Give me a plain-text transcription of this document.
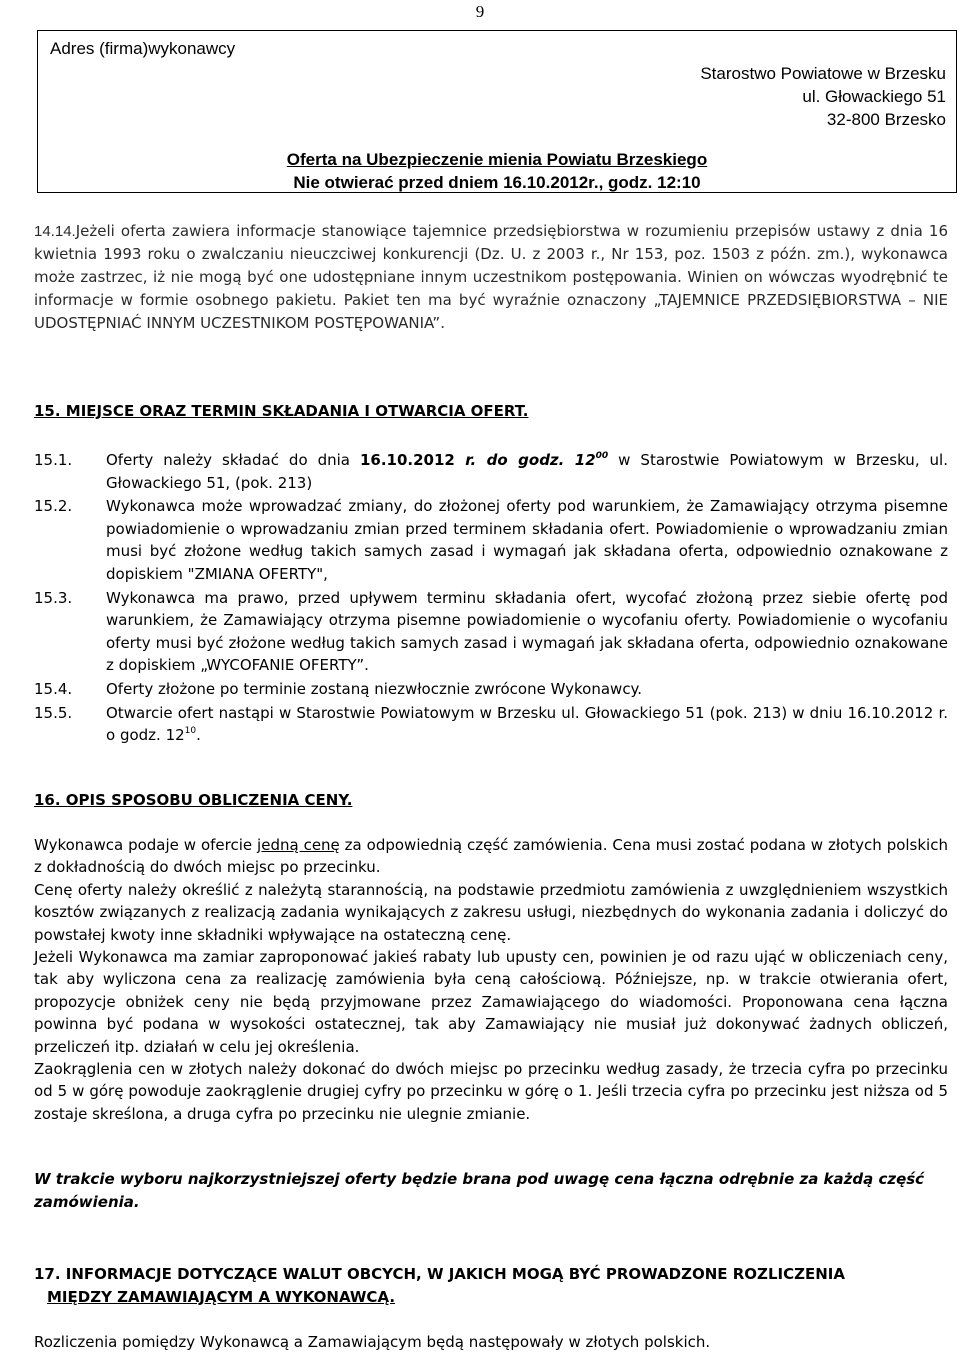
9
Adres (firma)wykonawcy
Starostwo Powiatowe w Brzesku
ul. Głowackiego 51
32-800 Brzesko
Oferta na Ubezpieczenie mienia Powiatu Brzeskiego
Nie otwierać przed dniem 16.10.2012r., godz. 12:10
14.14.Jeżeli oferta zawiera informacje stanowiące tajemnice przedsiębiorstwa w rozumieniu przepisów ustawy z dnia 16 kwietnia 1993 roku o zwalczaniu nieuczciwej konkurencji (Dz. U. z 2003 r., Nr 153, poz. 1503 z późn. zm.), wykonawca może zastrzec, iż nie mogą być one udostępniane innym uczestnikom postępowania. Winien on wówczas wyodrębnić te informacje w formie osobnego pakietu. Pakiet ten ma być wyraźnie oznaczony „TAJEMNICE PRZEDSIĘBIORSTWA – NIE UDOSTĘPNIAĆ INNYM UCZESTNIKOM POSTĘPOWANIA”.
15. MIEJSCE ORAZ TERMIN SKŁADANIA I OTWARCIA OFERT.
15.1. Oferty należy składać do dnia 16.10.2012 r. do godz. $12^{00}$ w Starostwie Powiatowym w Brzesku, ul. Głowackiego 51, (pok. 213)
15.2. Wykonawca może wprowadzać zmiany, do złożonej oferty pod warunkiem, że Zamawiający otrzyma pisemne powiadomienie o wprowadzaniu zmian przed terminem składania ofert. Powiadomienie o wprowadzaniu zmian musi być złożone według takich samych zasad i wymagań jak składana oferta, odpowiednio oznakowane z dopiskiem "ZMIANA OFERTY",
15.3. Wykonawca ma prawo, przed upływem terminu składania ofert, wycofać złożoną przez siebie ofertę pod warunkiem, że Zamawiający otrzyma pisemne powiadomienie o wycofaniu oferty. Powiadomienie o wycofaniu oferty musi być złożone według takich samych zasad i wymagań jak składana oferta, odpowiednio oznakowane z dopiskiem „WYCOFANIE OFERTY”.
15.4. Oferty złożone po terminie zostaną niezwłocznie zwrócone Wykonawcy.
15.5. Otwarcie ofert nastąpi w Starostwie Powiatowym w Brzesku ul. Głowackiego 51 (pok. 213) w dniu 16.10.2012 r. o godz. $12^{10}$.
16. OPIS SPOSOBU OBLICZENIA CENY.

Wykonawca podaje w ofercie jedną cenę za odpowiednią część zamówienia. Cena musi zostać podana w złotych polskich z dokładnością do dwóch miejsc po przecinku.

Cenę oferty należy określić z należytą starannością, na podstawie przedmiotu zamówienia z uwzględnieniem wszystkich kosztów związanych z realizacją zadania wynikających z zakresu usługi, niezbędnych do wykonania zadania i doliczyć do powstałej kwoty inne składniki wpływające na ostateczną cenę.

Jeżeli Wykonawca ma zamiar zaproponować jakieś rabaty lub upusty cen, powinien je od razu ująć w obliczeniach ceny, tak aby wyliczona cena za realizację zamówienia była ceną całościową. Późniejsze, np. w trakcie otwierania ofert, propozycje obniżek ceny nie będą przyjmowane przez Zamawiającego do wiadomości. Proponowana cena łączna powinna być podana w wysokości ostatecznej, tak aby Zamawiający nie musiał już dokonywać żadnych obliczeń, przeliczeń itp. działań w celu jej określenia.

Zaokrąglenia cen w złotych należy dokonać do dwóch miejsc po przecinku według zasady, że trzecia cyfra po przecinku od 5 w górę powoduje zaokrąglenie drugiej cyfry po przecinku w górę o 1. Jeśli trzecia cyfra po przecinku jest niższa od 5 zostaje skreślona, a druga cyfra po przecinku nie ulegnie zmianie.

W trakcie wyboru najkorzystniejszej oferty będzie brana pod uwagę cena łączna odrębnie za każdą część zamówienia.
17. INFORMACJE DOTYCZĄCE WALUT OBCYCH, W JAKICH MOGĄ BYĆ PROWADZONE ROZLICZENIA
MIĘDZY ZAMAWIAJĄCYM A WYKONAWCĄ.
Rozliczenia pomiędzy Wykonawcą a Zamawiającym będą następowały w złotych polskich.
